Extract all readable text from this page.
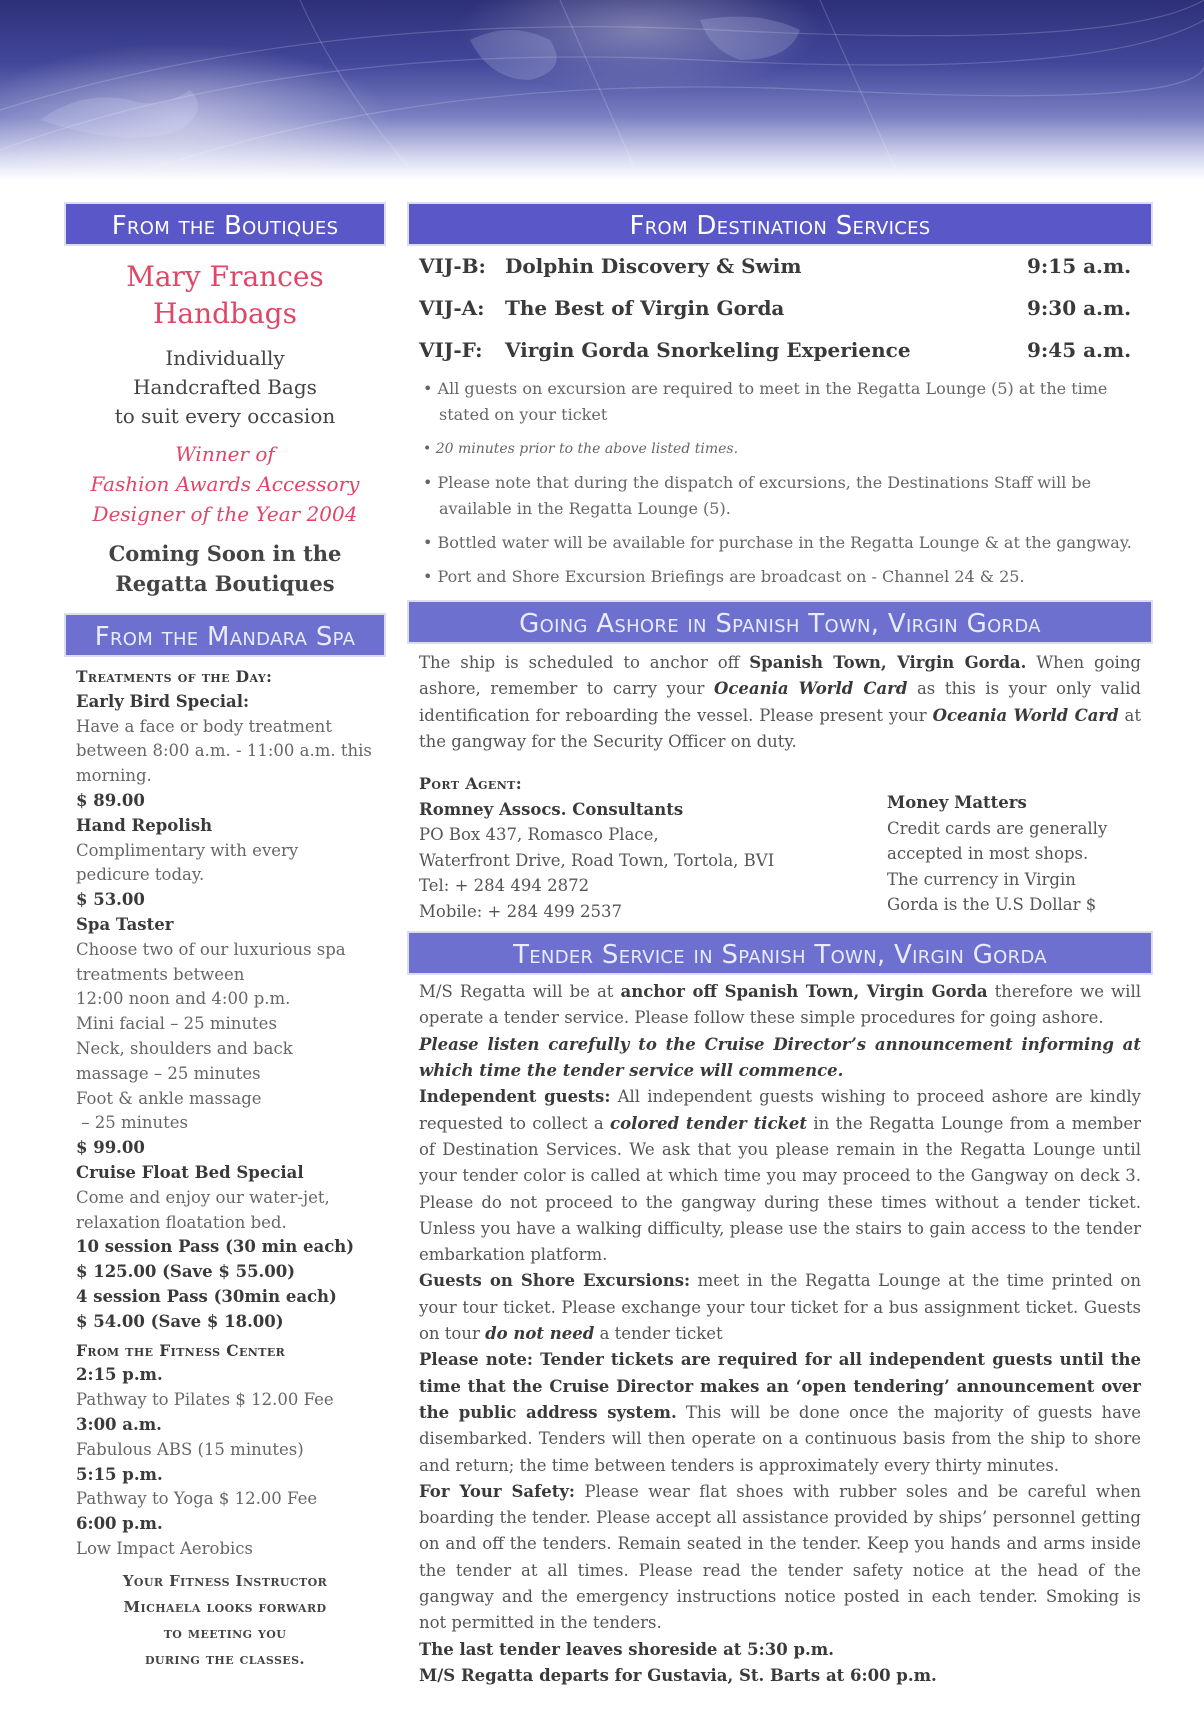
From the Boutiques
Mary Frances
Handbags
Individually
Handcrafted Bags
to suit every occasion
Winner of
Fashion Awards Accessory
Designer of the Year 2004
Coming Soon in the
Regatta Boutiques
From the Mandara Spa
Treatments of the Day:
Early Bird Special:
Have a face or body treatment
between 8:00 a.m. - 11:00 a.m. this
morning.
$ 89.00
Hand Repolish
Complimentary with every
pedicure today.
$ 53.00
Spa Taster
Choose two of our luxurious spa
treatments between
12:00 noon and 4:00 p.m.
Mini facial – 25 minutes
Neck, shoulders and back
massage – 25 minutes
Foot & ankle massage
– 25 minutes
$ 99.00
Cruise Float Bed Special
Come and enjoy our water-jet,
relaxation floatation bed.
10 session Pass (30 min each)
$ 125.00 (Save $ 55.00)
4 session Pass (30min each)
$ 54.00 (Save $ 18.00)
From the Fitness Center
2:15 p.m.
Pathway to Pilates $ 12.00 Fee
3:00 a.m.
Fabulous ABS (15 minutes)
5:15 p.m.
Pathway to Yoga $ 12.00 Fee
6:00 p.m.
Low Impact Aerobics
Your Fitness Instructor
Michaela looks forward
to meeting you
during the classes.
From Destination Services
VIJ-B: Dolphin Discovery & Swim	9:15 a.m.
VIJ-A: The Best of Virgin Gorda	9:30 a.m.
VIJ-F: Virgin Gorda Snorkeling Experience	9:45 a.m.
• All guests on excursion are required to meet in the Regatta Lounge (5) at the time stated on your ticket
• 20 minutes prior to the above listed times.
• Please note that during the dispatch of excursions, the Destinations Staff will be available in the Regatta Lounge (5).
• Bottled water will be available for purchase in the Regatta Lounge & at the gangway.
• Port and Shore Excursion Briefings are broadcast on - Channel 24 & 25.
Going Ashore in Spanish Town, Virgin Gorda
The ship is scheduled to anchor off Spanish Town, Virgin Gorda. When going ashore, remember to carry your Oceania World Card as this is your only valid identification for reboarding the vessel. Please present your Oceania World Card at the gangway for the Security Officer on duty.
Port Agent:
Romney Assocs. Consultants
PO Box 437, Romasco Place,
Waterfront Drive, Road Town, Tortola, BVI
Tel: + 284 494 2872
Mobile: + 284 499 2537
Money Matters
Credit cards are generally
accepted in most shops.
The currency in Virgin
Gorda is the U.S Dollar $
Tender Service in Spanish Town, Virgin Gorda
M/S Regatta will be at anchor off Spanish Town, Virgin Gorda therefore we will operate a tender service. Please follow these simple procedures for going ashore.
Please listen carefully to the Cruise Director’s announcement informing at which time the tender service will commence.
Independent guests: All independent guests wishing to proceed ashore are kindly requested to collect a colored tender ticket in the Regatta Lounge from a member of Destination Services. We ask that you please remain in the Regatta Lounge until your tender color is called at which time you may proceed to the Gangway on deck 3. Please do not proceed to the gangway during these times without a tender ticket. Unless you have a walking difficulty, please use the stairs to gain access to the tender embarkation platform.
Guests on Shore Excursions: meet in the Regatta Lounge at the time printed on your tour ticket. Please exchange your tour ticket for a bus assignment ticket. Guests on tour do not need a tender ticket
Please note: Tender tickets are required for all independent guests until the time that the Cruise Director makes an ‘open tendering’ announcement over the public address system. This will be done once the majority of guests have disembarked. Tenders will then operate on a continuous basis from the ship to shore and return; the time between tenders is approximately every thirty minutes.
For Your Safety: Please wear flat shoes with rubber soles and be careful when boarding the tender. Please accept all assistance provided by ships’ personnel getting on and off the tenders. Remain seated in the tender. Keep you hands and arms inside the tender at all times. Please read the tender safety notice at the head of the gangway and the emergency instructions notice posted in each tender. Smoking is not permitted in the tenders.
The last tender leaves shoreside at 5:30 p.m.
M/S Regatta departs for Gustavia, St. Barts at 6:00 p.m.
